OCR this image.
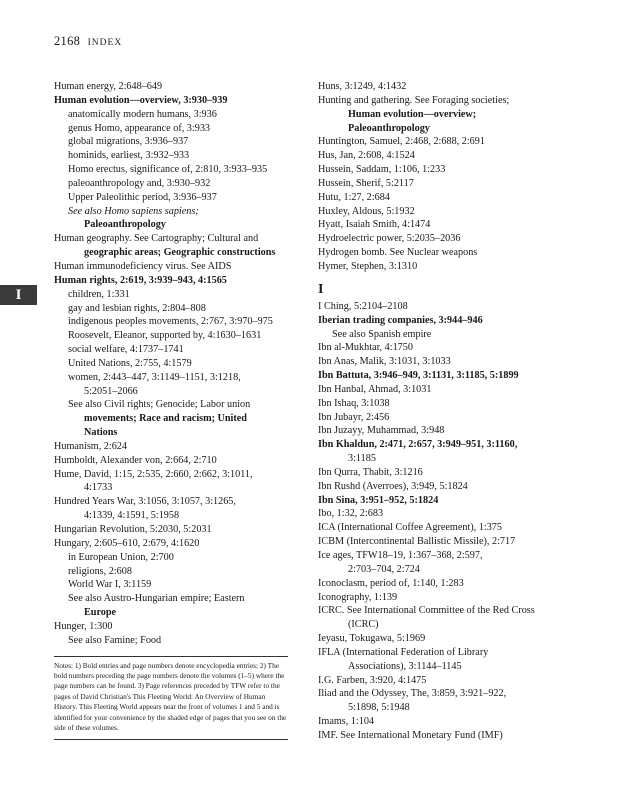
2168 INDEX
I

Human energy, 2:648–649

Human evolution—overview, 3:930–939

anatomically modern humans, 3:936

genus Homo, appearance of, 3:933

global migrations, 3:936–937

hominids, earliest, 3:932–933

Homo erectus, significance of, 2:810, 3:933–935

paleoanthropology and, 3:930–932

Upper Paleolithic period, 3:936–937

See also Homo sapiens sapiens;

Paleoanthropology

Human geography. See Cartography; Cultural and

geographic areas; Geographic constructions

Human immunodeficiency virus. See AIDS

Human rights, 2:619, 3:939–943, 4:1565

children, 1:331

gay and lesbian rights, 2:804–808

indigenous peoples movements, 2:767, 3:970–975

Roosevelt, Eleanor, supported by, 4:1630–1631

social welfare, 4:1737–1741

United Nations, 2:755, 4:1579

women, 2:443–447, 3:1149–1151, 3:1218,

5:2051–2066

See also Civil rights; Genocide; Labor union

movements; Race and racism; United

Nations

Humanism, 2:624

Humboldt, Alexander von, 2:664, 2:710

Hume, David, 1:15, 2:535, 2:660, 2:662, 3:1011,

4:1733

Hundred Years War, 3:1056, 3:1057, 3:1265,

4:1339, 4:1591, 5:1958

Hungarian Revolution, 5:2030, 5:2031

Hungary, 2:605–610, 2:679, 4:1620

in European Union, 2:700

religions, 2:608

World War I, 3:1159

See also Austro-Hungarian empire; Eastern

Europe

Hunger, 1:300

See also Famine; Food

Notes: 1) Bold entries and page numbers denote encyclopedia entries; 2) The bold numbers preceding the page numbers denote the volumes (1–5) where the page numbers can be found. 3) Page references preceded by TFW refer to the pages of David Christian's This Fleeting World: An Overview of Human History. This Fleeting World appears near the front of volumes 1 and 5 and is identified for your convenience by the shaded edge of pages that you see on the side of these volumes.

Huns, 3:1249, 4:1432

Hunting and gathering. See Foraging societies;

Human evolution—overview;

Paleoanthropology

Huntington, Samuel, 2:468, 2:688, 2:691

Hus, Jan, 2:608, 4:1524

Hussein, Saddam, 1:106, 1:233

Hussein, Sherif, 5:2117

Hutu, 1:27, 2:684

Huxley, Aldous, 5:1932

Hyatt, Isaiah Smith, 4:1474

Hydroelectric power, 5:2035–2036

Hydrogen bomb. See Nuclear weapons

Hymer, Stephen, 3:1310

I

I Ching, 5:2104–2108

Iberian trading companies, 3:944–946

See also Spanish empire

Ibn al-Mukhtar, 4:1750

Ibn Anas, Malik, 3:1031, 3:1033

Ibn Battuta, 3:946–949, 3:1131, 3:1185, 5:1899

Ibn Hanbal, Ahmad, 3:1031

Ibn Ishaq, 3:1038

Ibn Jubayr, 2:456

Ibn Juzayy, Muhammad, 3:948

Ibn Khaldun, 2:471, 2:657, 3:949–951, 3:1160,

3:1185

Ibn Qurra, Thabit, 3:1216

Ibn Rushd (Averroes), 3:949, 5:1824

Ibn Sina, 3:951–952, 5:1824

Ibo, 1:32, 2:683

ICA (International Coffee Agreement), 1:375

ICBM (Intercontinental Ballistic Missile), 2:717

Ice ages, TFW18–19, 1:367–368, 2:597,

2:703–704, 2:724

Iconoclasm, period of, 1:140, 1:283

Iconography, 1:139

ICRC. See International Committee of the Red Cross

(ICRC)

Ieyasu, Tokugawa, 5:1969

IFLA (International Federation of Library

Associations), 3:1144–1145

I.G. Farben, 3:920, 4:1475

Iliad and the Odyssey, The, 3:859, 3:921–922,

5:1898, 5:1948

Imams, 1:104

IMF. See International Monetary Fund (IMF)
